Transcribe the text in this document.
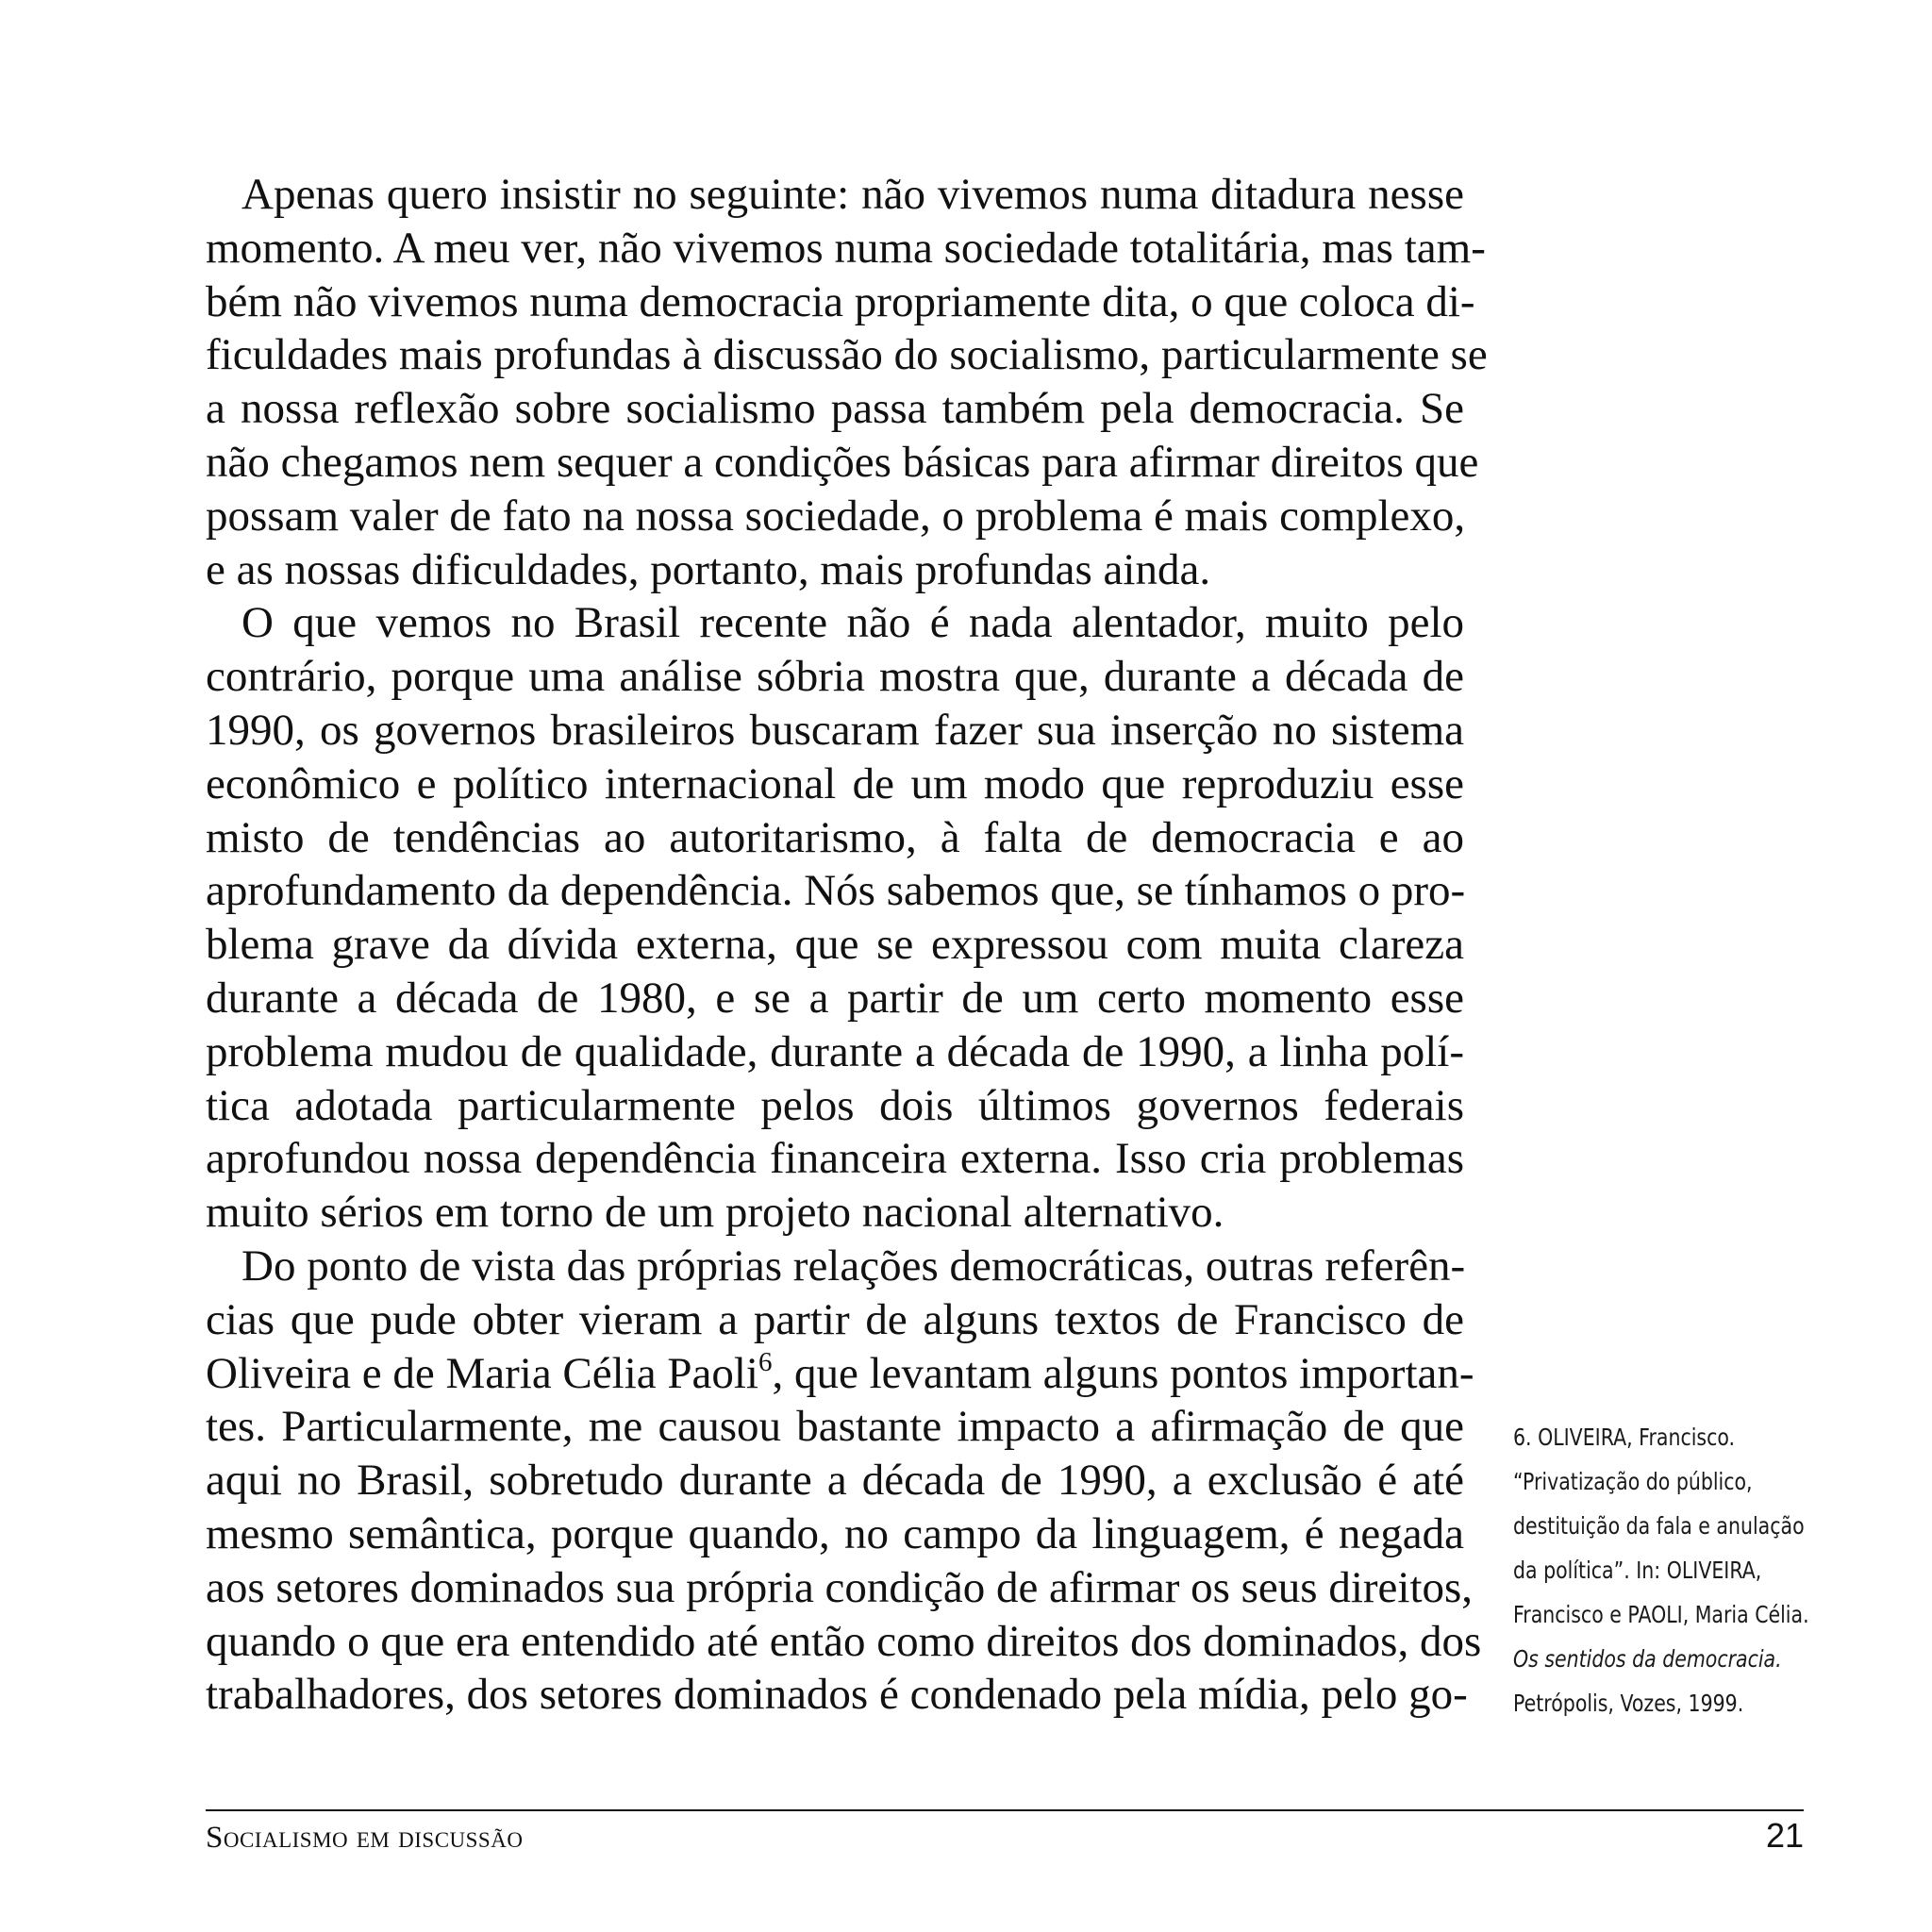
Apenas quero insistir no seguinte: não vivemos numa ditadura nesse
momento. A meu ver, não vivemos numa sociedade totalitária, mas tam-
bém não vivemos numa democracia propriamente dita, o que coloca di-
ficuldades mais profundas à discussão do socialismo, particularmente se
a nossa reflexão sobre socialismo passa também pela democracia. Se
não chegamos nem sequer a condições básicas para afirmar direitos que
possam valer de fato na nossa sociedade, o problema é mais complexo,
e as nossas dificuldades, portanto, mais profundas ainda.
O que vemos no Brasil recente não é nada alentador, muito pelo
contrário, porque uma análise sóbria mostra que, durante a década de
1990, os governos brasileiros buscaram fazer sua inserção no sistema
econômico e político internacional de um modo que reproduziu esse
misto de tendências ao autoritarismo, à falta de democracia e ao
aprofundamento da dependência. Nós sabemos que, se tínhamos o pro-
blema grave da dívida externa, que se expressou com muita clareza
durante a década de 1980, e se a partir de um certo momento esse
problema mudou de qualidade, durante a década de 1990, a linha polí-
tica adotada particularmente pelos dois últimos governos federais
aprofundou nossa dependência financeira externa. Isso cria problemas
muito sérios em torno de um projeto nacional alternativo.
Do ponto de vista das próprias relações democráticas, outras referên-
cias que pude obter vieram a partir de alguns textos de Francisco de
Oliveira e de Maria Célia Paoli$^6$, que levantam alguns pontos importan-
tes. Particularmente, me causou bastante impacto a afirmação de que
aqui no Brasil, sobretudo durante a década de 1990, a exclusão é até
mesmo semântica, porque quando, no campo da linguagem, é negada
aos setores dominados sua própria condição de afirmar os seus direitos,
quando o que era entendido até então como direitos dos dominados, dos
trabalhadores, dos setores dominados é condenado pela mídia, pelo go-
6. OLIVEIRA, Francisco.
“Privatização do público,
destituição da fala e anulação
da política”. In: OLIVEIRA,
Francisco e PAOLI, Maria Célia.
Os sentidos da democracia.
Petrópolis, Vozes, 1999.
Socialismo em discussão	21
